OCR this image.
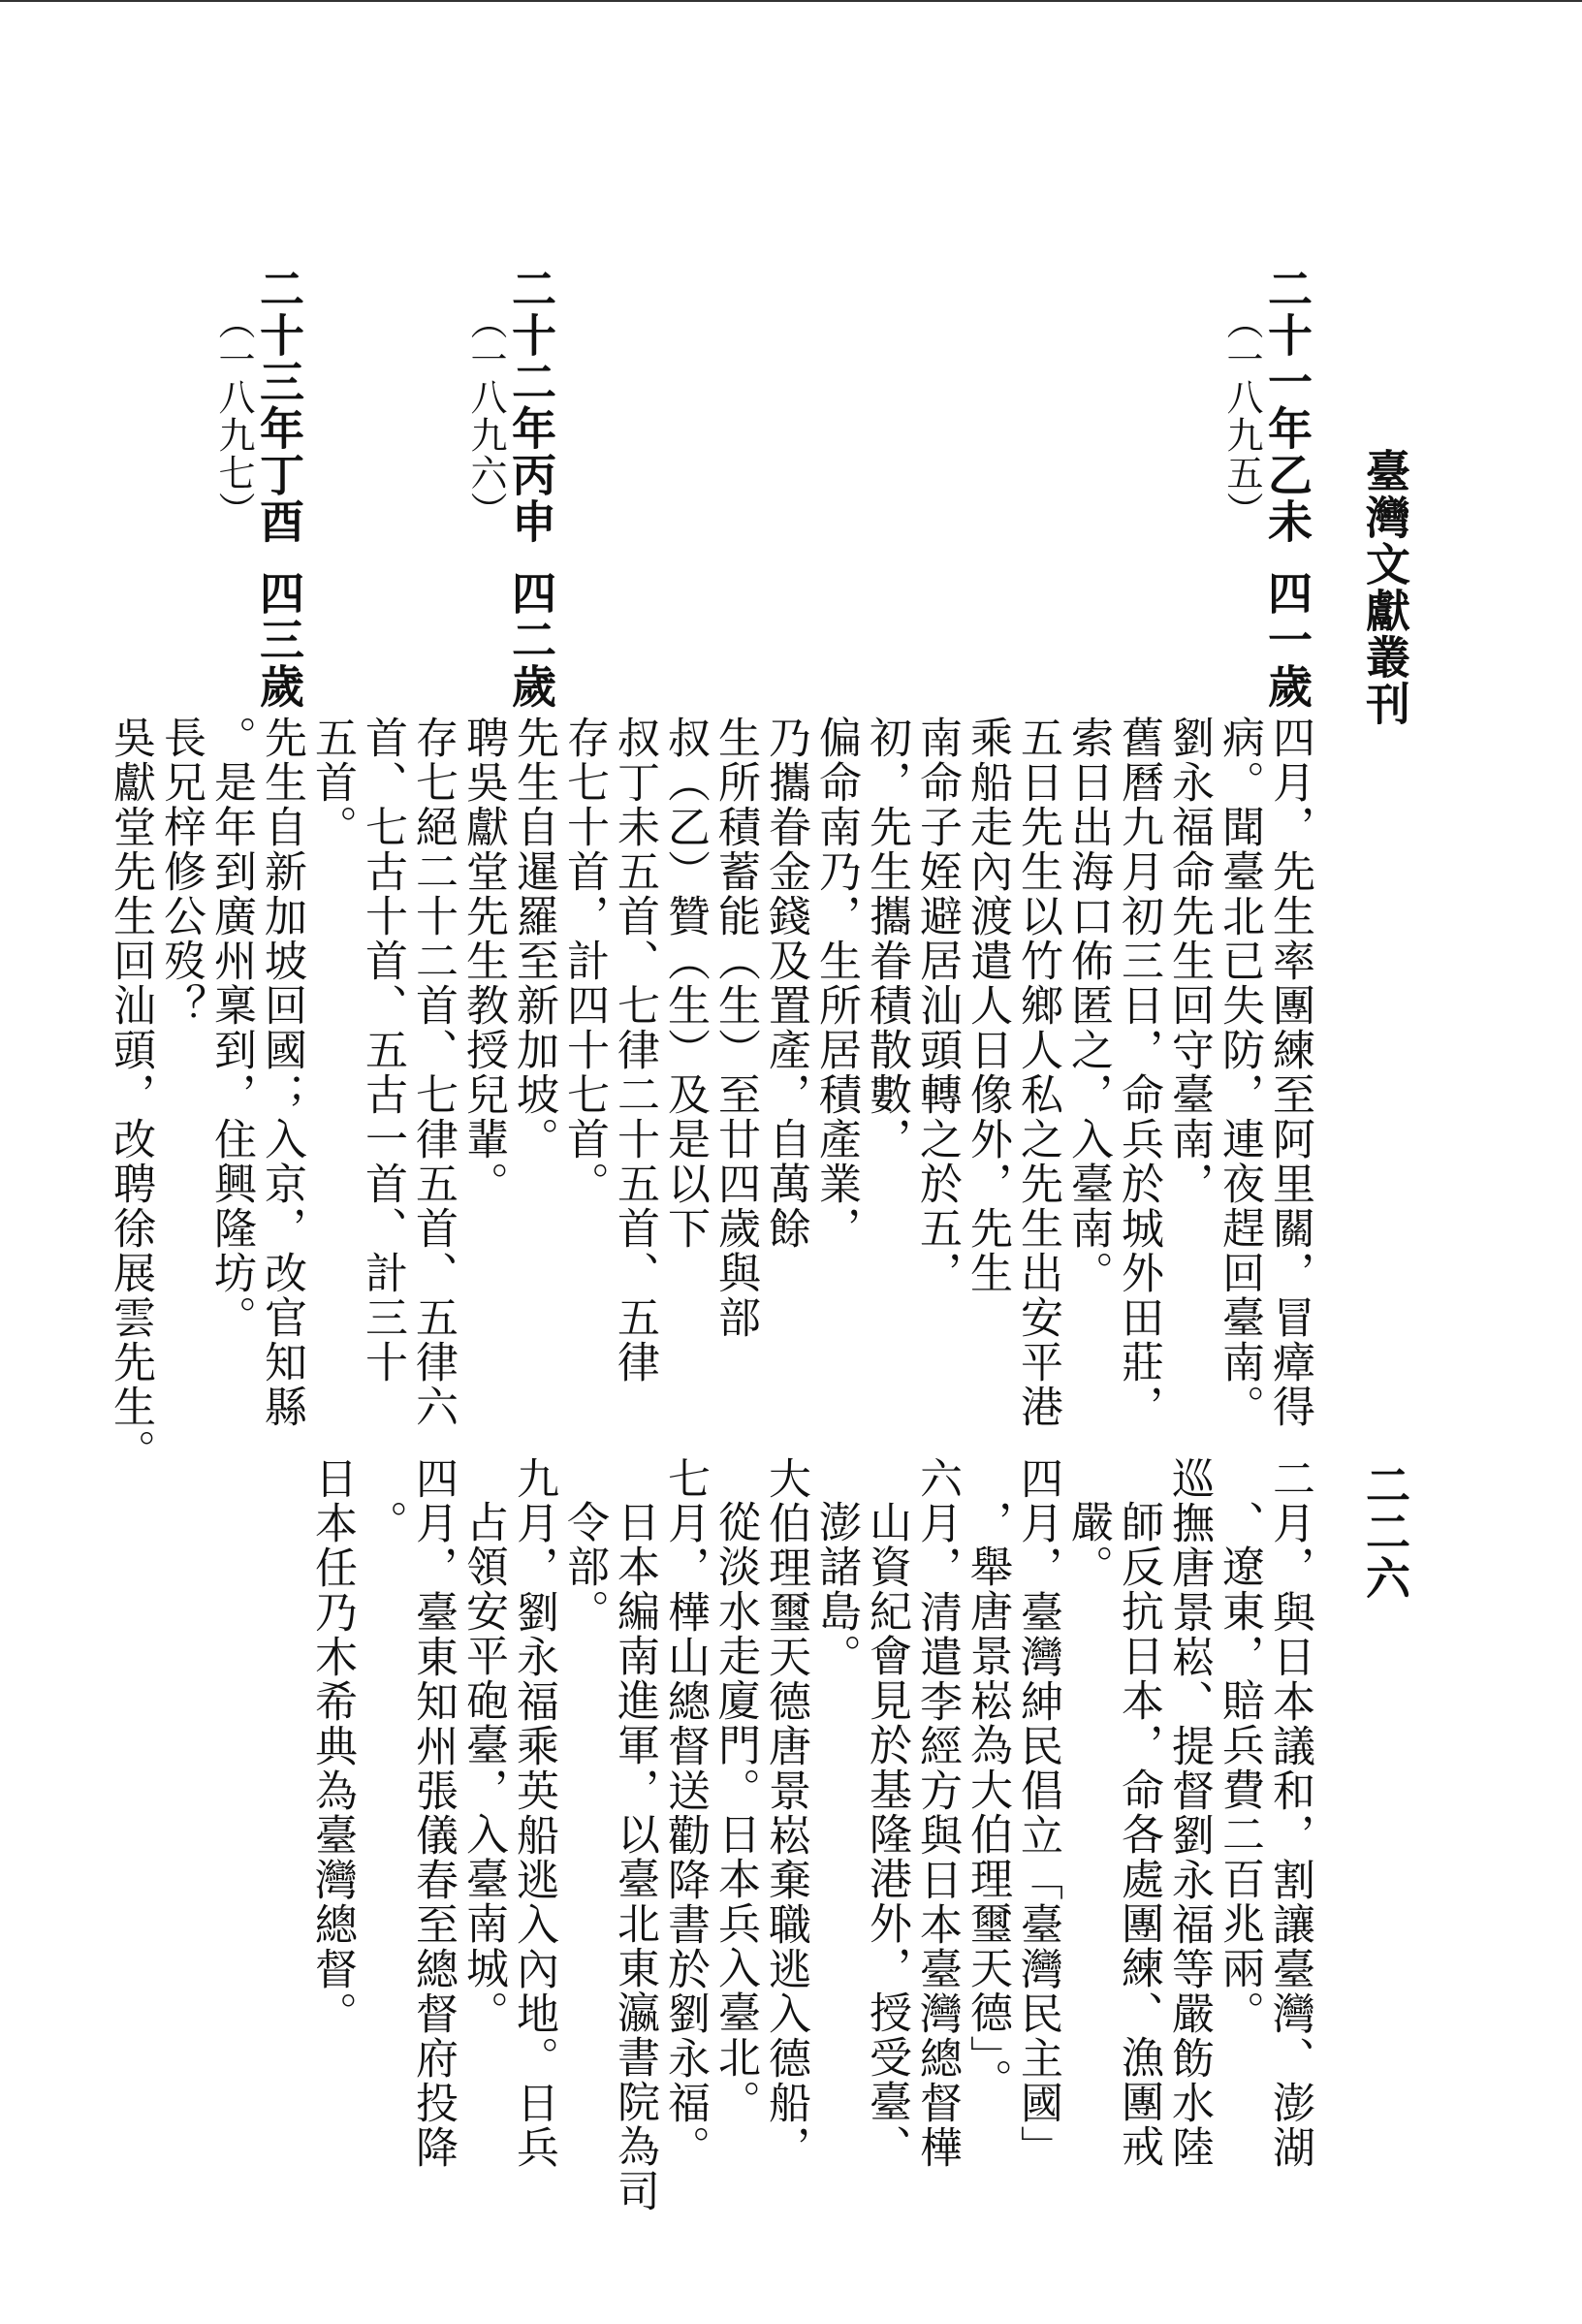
臺灣文獻叢刊
二二六
二十一年乙未
（一八九五）
四一歲
四月，先生率團練至阿里關，冒瘴得
病。聞臺北已失防，連夜趕回臺南。
劉永福命先生回守臺南，
舊曆九月初三日，命兵於城外田莊，
索日出海口佈匿之，入臺南。
五日先生以竹鄉人私之先生出安平港
乘船走內渡遣人日像外，先生
南命子姪避居汕頭轉之於五，
初，先生攜眷積散數，
偏命南乃，生所居積產業，
乃攜眷金錢及置產，自萬餘
生所積蓄能（生）至廿四歲與部
叔（乙）贊（生）及是以下
叔丁未五首、七律二十五首、五律
存七十首，計四十七首。
二十二年丙申
（一八九六）
四二歲
先生自暹羅至新加坡。
聘吳獻堂先生教授兒輩。
存七絕二十二首、七律五首、五律六
首、七古十首、五古一首、計三十
五首。
二十三年丁酉
（一八九七）
四三歲
先生自新加坡回國；入京，改官知縣
。是年到廣州稟到，住興隆坊。
長兄梓修公歿？
吳獻堂先生回汕頭，改聘徐展雲先生。
二月，與日本議和，割讓臺灣、澎湖
、遼東，賠兵費二百兆兩。
巡撫唐景崧、提督劉永福等嚴飭水陸
師反抗日本，命各處團練、漁團戒
嚴。
四月，臺灣紳民倡立「臺灣民主國」
，舉唐景崧為大伯理璽天德」。
六月，清遣李經方與日本臺灣總督樺
山資紀會見於基隆港外，授受臺、
澎諸島。
大伯理璽天德唐景崧棄職逃入德船，
從淡水走廈門。日本兵入臺北。
七月，樺山總督送勸降書於劉永福。
日本編南進軍，以臺北東瀛書院為司
令部。
九月，劉永福乘英船逃入內地。日兵
占領安平砲臺，入臺南城。
四月，臺東知州張儀春至總督府投降
。
日本任乃木希典為臺灣總督。
